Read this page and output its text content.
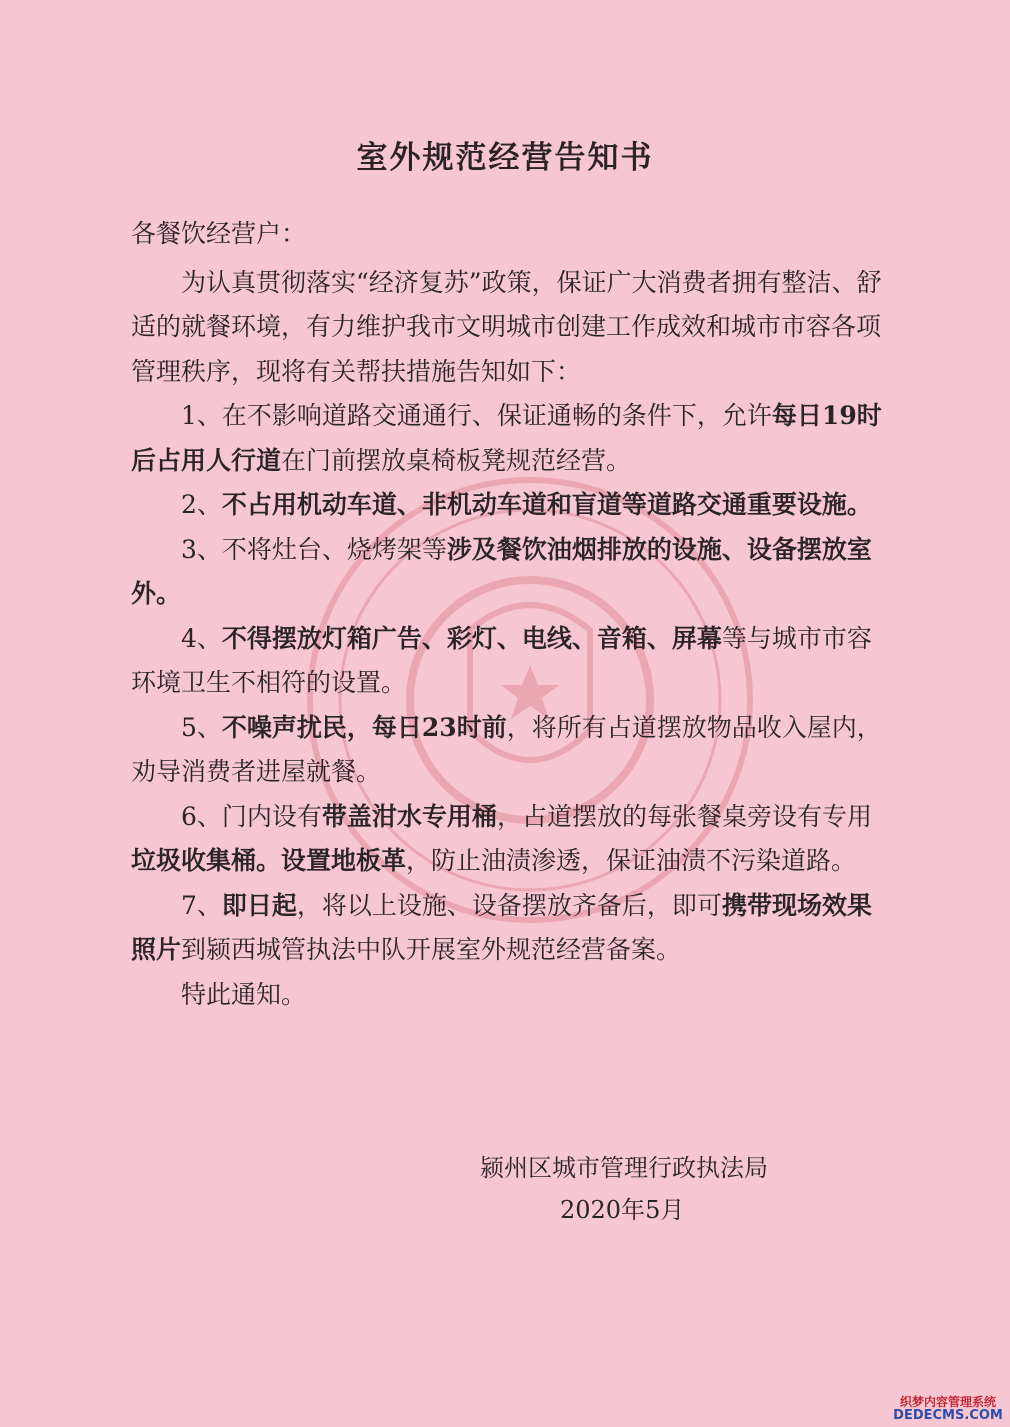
室外规范经营告知书

各餐饮经营户：

为认真贯彻落实“经济复苏”政策，保证广大消费者拥有整洁、舒适的就餐环境，有力维护我市文明城市创建工作成效和城市市容各项管理秩序，现将有关帮扶措施告知如下：

1、在不影响道路交通通行、保证通畅的条件下，允许每日19时后占用人行道在门前摆放桌椅板凳规范经营。

2、不占用机动车道、非机动车道和盲道等道路交通重要设施。

3、不将灶台、烧烤架等涉及餐饮油烟排放的设施、设备摆放室外。

4、不得摆放灯箱广告、彩灯、电线、音箱、屏幕等与城市市容环境卫生不相符的设置。

5、不噪声扰民，每日23时前，将所有占道摆放物品收入屋内，劝导消费者进屋就餐。

6、门内设有带盖泔水专用桶，占道摆放的每张餐桌旁设有专用垃圾收集桶。设置地板革，防止油渍渗透，保证油渍不污染道路。

7、即日起，将以上设施、设备摆放齐备后，即可携带现场效果照片到颍西城管执法中队开展室外规范经营备案。

特此通知。

颍州区城市管理行政执法局
2020年5月
织梦内容管理系统
DEDECMS.COM
